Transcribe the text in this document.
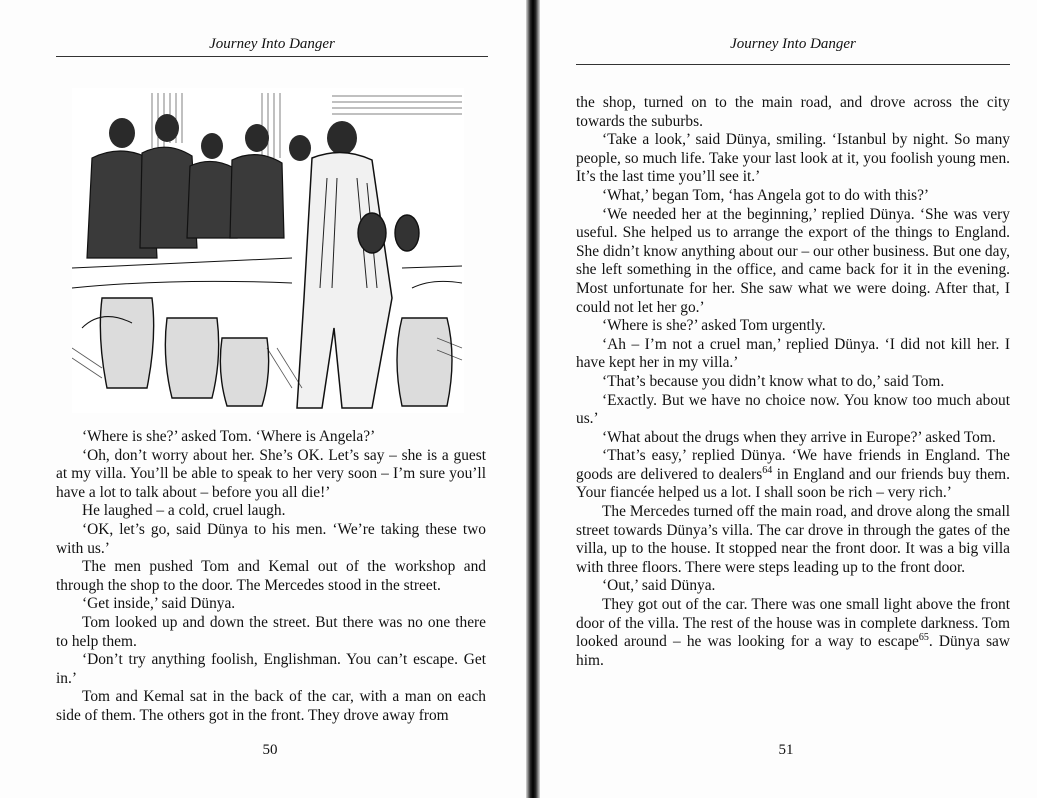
Journey Into Danger

‘Where is she?’ asked Tom. ‘Where is Angela?’

‘Oh, don’t worry about her. She’s OK. Let’s say – she is a guest at my villa. You’ll be able to speak to her very soon – I’m sure you’ll have a lot to talk about – before you all die!’

He laughed – a cold, cruel laugh.

‘OK, let’s go, said Dünya to his men. ‘We’re taking these two with us.’

The men pushed Tom and Kemal out of the workshop and through the shop to the door. The Mercedes stood in the street.

‘Get inside,’ said Dünya.

Tom looked up and down the street. But there was no one there to help them.

‘Don’t try anything foolish, Englishman. You can’t escape. Get in.’

Tom and Kemal sat in the back of the car, with a man on each side of them. The others got in the front. They drove away from

50
Journey Into Danger

the shop, turned on to the main road, and drove across the city towards the suburbs.

‘Take a look,’ said Dünya, smiling. ‘Istanbul by night. So many people, so much life. Take your last look at it, you foolish young men. It’s the last time you’ll see it.’

‘What,’ began Tom, ‘has Angela got to do with this?’

‘We needed her at the beginning,’ replied Dünya. ‘She was very useful. She helped us to arrange the export of the things to England. She didn’t know anything about our – our other business. But one day, she left something in the office, and came back for it in the evening. Most unfortunate for her. She saw what we were doing. After that, I could not let her go.’

‘Where is she?’ asked Tom urgently.

‘Ah – I’m not a cruel man,’ replied Dünya. ‘I did not kill her. I have kept her in my villa.’

‘That’s because you didn’t know what to do,’ said Tom.

‘Exactly. But we have no choice now. You know too much about us.’

‘What about the drugs when they arrive in Europe?’ asked Tom.

‘That’s easy,’ replied Dünya. ‘We have friends in England. The goods are delivered to dealers$^{64}$ in England and our friends buy them. Your fiancée helped us a lot. I shall soon be rich – very rich.’

The Mercedes turned off the main road, and drove along the small street towards Dünya’s villa. The car drove in through the gates of the villa, up to the house. It stopped near the front door. It was a big villa with three floors. There were steps leading up to the front door.

‘Out,’ said Dünya.

They got out of the car. There was one small light above the front door of the villa. The rest of the house was in complete darkness. Tom looked around – he was looking for a way to escape$^{65}$. Dünya saw him.

51
